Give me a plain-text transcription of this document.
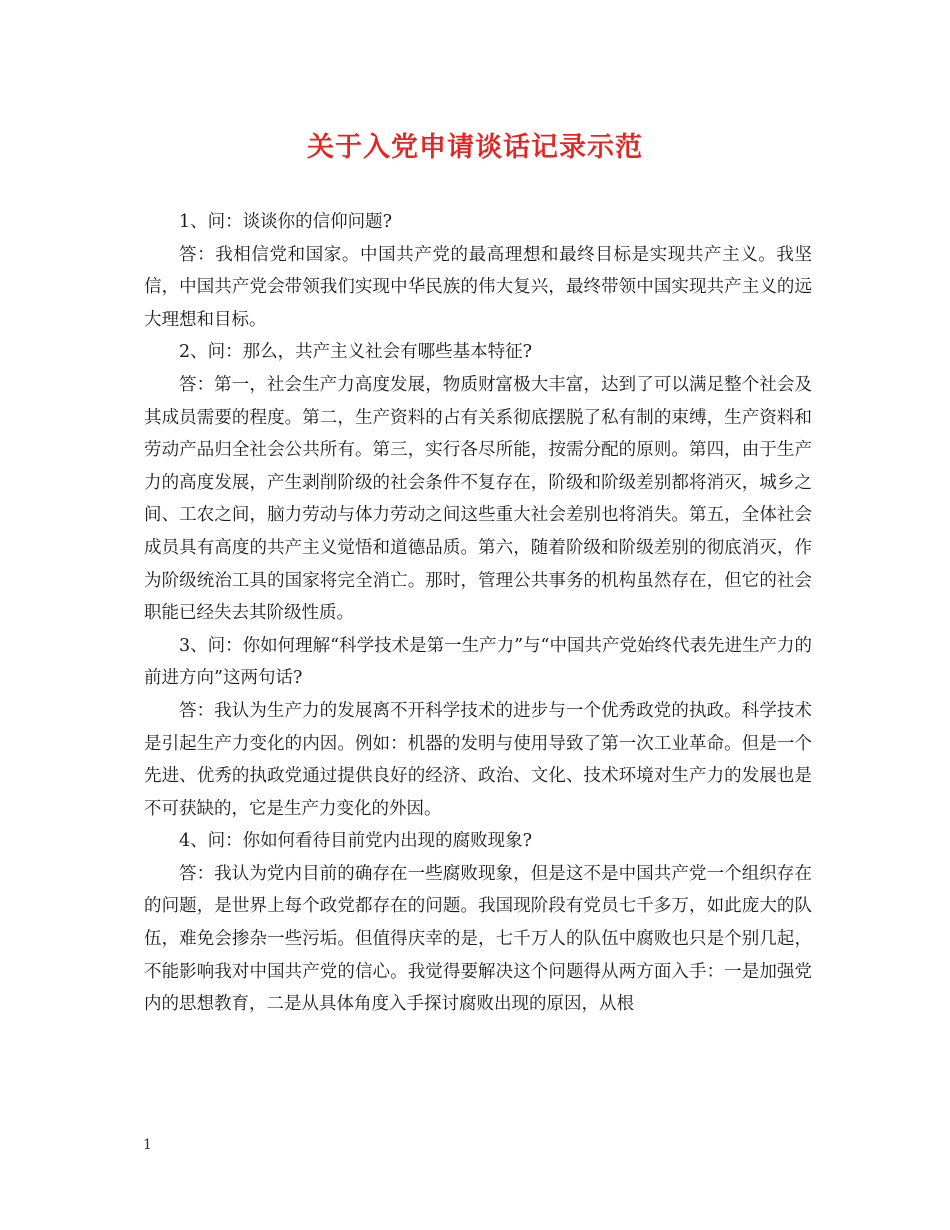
关于入党申请谈话记录示范

1、问：谈谈你的信仰问题?

答：我相信党和国家。中国共产党的最高理想和最终目标是实现共产主义。我坚信，中国共产党会带领我们实现中华民族的伟大复兴，最终带领中国实现共产主义的远大理想和目标。

2、问：那么，共产主义社会有哪些基本特征?

答：第一，社会生产力高度发展，物质财富极大丰富，达到了可以满足整个社会及其成员需要的程度。第二，生产资料的占有关系彻底摆脱了私有制的束缚，生产资料和劳动产品归全社会公共所有。第三，实行各尽所能，按需分配的原则。第四，由于生产力的高度发展，产生剥削阶级的社会条件不复存在，阶级和阶级差别都将消灭，城乡之间、工农之间，脑力劳动与体力劳动之间这些重大社会差别也将消失。第五，全体社会成员具有高度的共产主义觉悟和道德品质。第六，随着阶级和阶级差别的彻底消灭，作为阶级统治工具的国家将完全消亡。那时，管理公共事务的机构虽然存在，但它的社会职能已经失去其阶级性质。

3、问：你如何理解“科学技术是第一生产力”与“中国共产党始终代表先进生产力的前进方向”这两句话?

答：我认为生产力的发展离不开科学技术的进步与一个优秀政党的执政。科学技术是引起生产力变化的内因。例如：机器的发明与使用导致了第一次工业革命。但是一个先进、优秀的执政党通过提供良好的经济、政治、文化、技术环境对生产力的发展也是不可获缺的，它是生产力变化的外因。

4、问：你如何看待目前党内出现的腐败现象?

答：我认为党内目前的确存在一些腐败现象，但是这不是中国共产党一个组织存在的问题，是世界上每个政党都存在的问题。我国现阶段有党员七千多万，如此庞大的队伍，难免会掺杂一些污垢。但值得庆幸的是，七千万人的队伍中腐败也只是个别几起，不能影响我对中国共产党的信心。我觉得要解决这个问题得从两方面入手：一是加强党内的思想教育，二是从具体角度入手探讨腐败出现的原因，从根

1
